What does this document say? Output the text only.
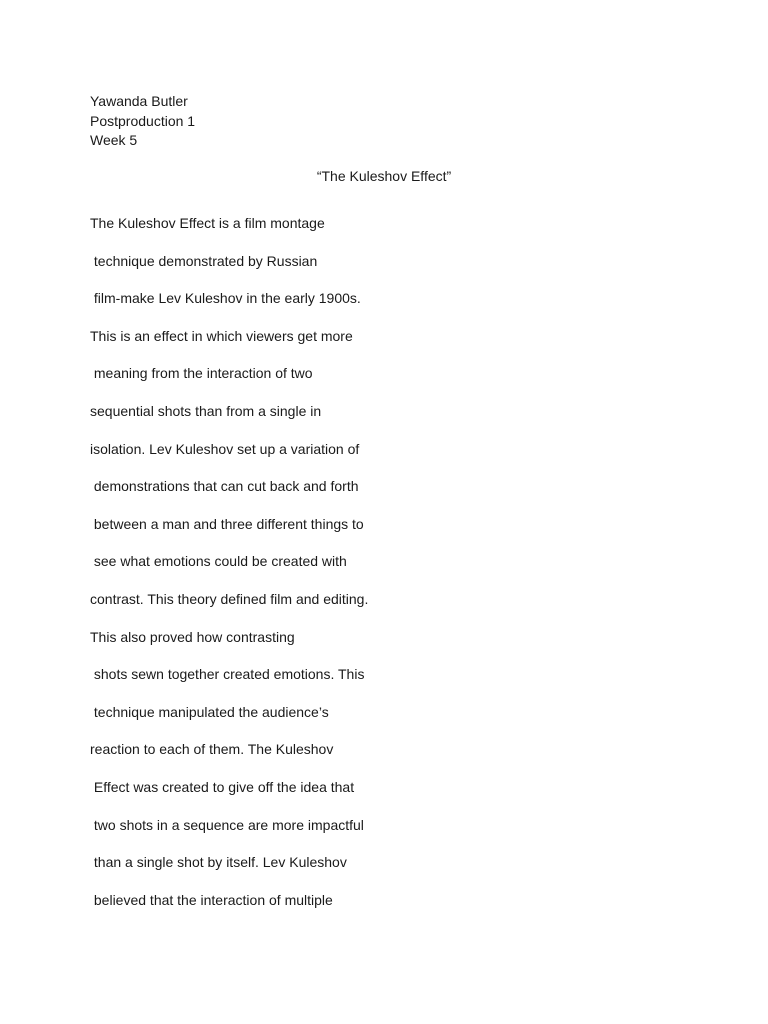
Yawanda Butler
Postproduction 1
Week 5
“The Kuleshov Effect”
The Kuleshov Effect is a film montage
technique demonstrated by Russian
film-make Lev Kuleshov in the early 1900s.
This is an effect in which viewers get more
meaning from the interaction of two
sequential shots than from a single in
isolation. Lev Kuleshov set up a variation of
demonstrations that can cut back and forth
between a man and three different things to
see what emotions could be created with
contrast. This theory defined film and editing.
This also proved how contrasting
shots sewn together created emotions. This
technique manipulated the audience’s
reaction to each of them. The Kuleshov
Effect was created to give off the idea that
two shots in a sequence are more impactful
than a single shot by itself. Lev Kuleshov
believed that the interaction of multiple
